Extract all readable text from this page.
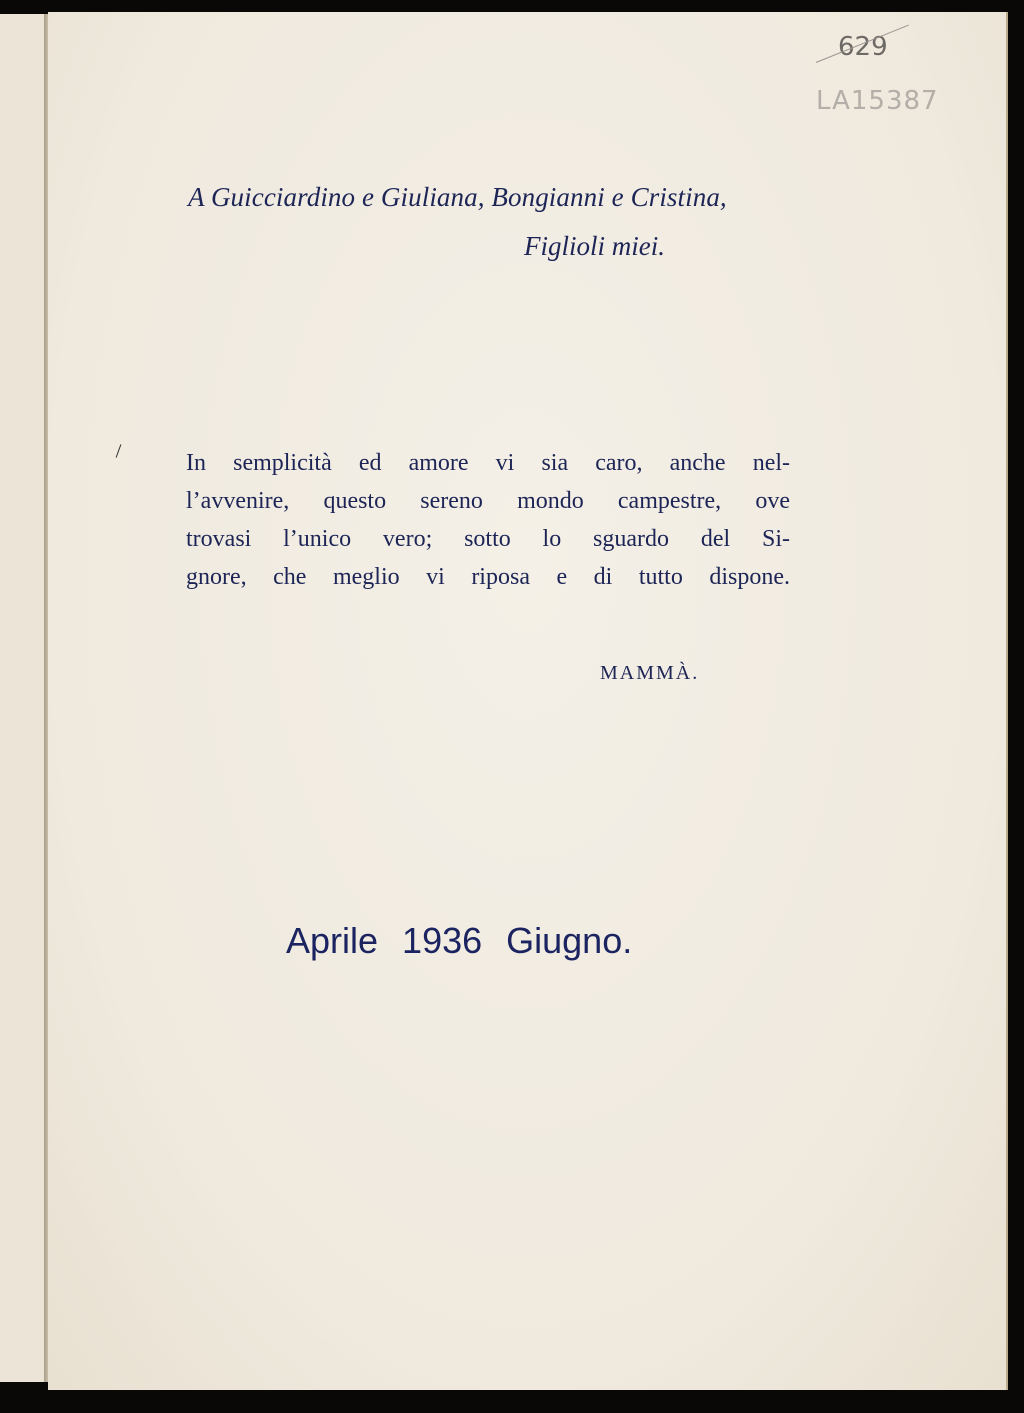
629
LA15387
A Guicciardino e Giuliana, Bongianni e Cristina,
Figlioli miei.
In semplicità ed amore vi sia caro, anche nel-
l’avvenire, questo sereno mondo campestre, ove
trovasi l’unico vero; sotto lo sguardo del Si-
gnore, che meglio vi riposa e di tutto dispone.
MAMMÀ.
Aprile 1936 Giugno.
